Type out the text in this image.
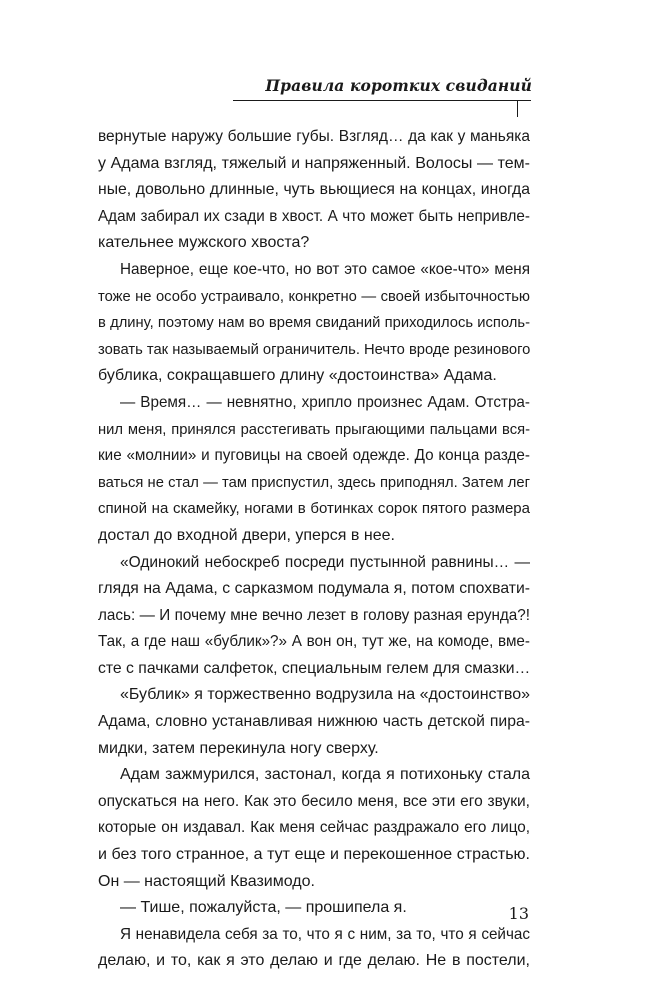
Правила коротких свиданий
вернутые наружу большие губы. Взгляд… да как у маньяка
у Адама взгляд, тяжелый и напряженный. Волосы — тем-
ные, довольно длинные, чуть вьющиеся на концах, иногда
Адам забирал их сзади в хвост. А что может быть непривле-
кательнее мужского хвоста?
Наверное, еще кое-что, но вот это самое «кое-что» меня
тоже не особо устраивало, конкретно — своей избыточностью
в длину, поэтому нам во время свиданий приходилось исполь-
зовать так называемый ограничитель. Нечто вроде резинового
бублика, сокращавшего длину «достоинства» Адама.
— Время… — невнятно, хрипло произнес Адам. Отстра-
нил меня, принялся расстегивать прыгающими пальцами вся-
кие «молнии» и пуговицы на своей одежде. До конца разде-
ваться не стал — там приспустил, здесь приподнял. Затем лег
спиной на скамейку, ногами в ботинках сорок пятого размера
достал до входной двери, уперся в нее.
«Одинокий небоскреб посреди пустынной равнины… —
глядя на Адама, с сарказмом подумала я, потом спохвати-
лась: — И почему мне вечно лезет в голову разная ерунда?!
Так, а где наш «бублик»?» А вон он, тут же, на комоде, вме-
сте с пачками салфеток, специальным гелем для смазки…
«Бублик» я торжественно водрузила на «достоинство»
Адама, словно устанавливая нижнюю часть детской пира-
мидки, затем перекинула ногу сверху.
Адам зажмурился, застонал, когда я потихоньку стала
опускаться на него. Как это бесило меня, все эти его звуки,
которые он издавал. Как меня сейчас раздражало его лицо,
и без того странное, а тут еще и перекошенное страстью.
Он — настоящий Квазимодо.
— Тише, пожалуйста, — прошипела я.
Я ненавидела себя за то, что я с ним, за то, что я сейчас
делаю, и то, как я это делаю и где делаю. Не в постели,
13
